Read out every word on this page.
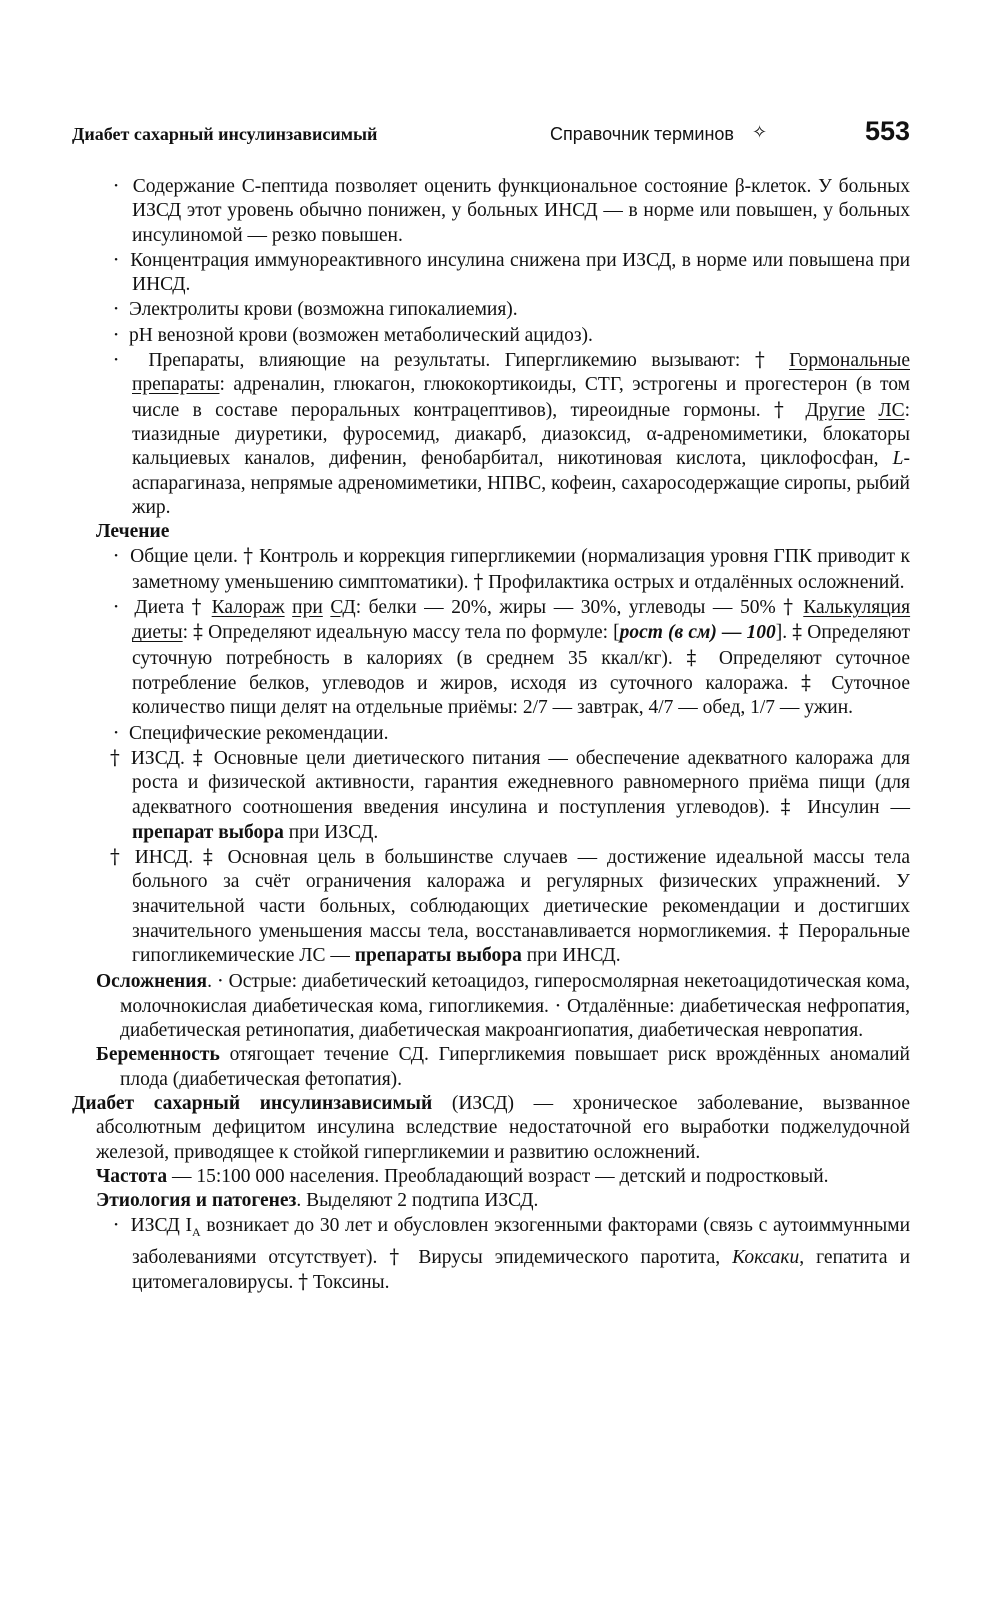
Диабет сахарный инсулинзависимый	Справочник терминов ✧	553

· Содержание С-пептида позволяет оценить функциональное состояние β-клеток. У больных ИЗСД этот уровень обычно понижен, у больных ИНСД — в норме или повышен, у больных инсулиномой — резко повышен.

· Концентрация иммунореактивного инсулина снижена при ИЗСД, в норме или повышена при ИНСД.

· Электролиты крови (возможна гипокалиемия).

· pH венозной крови (возможен метаболический ацидоз).

· Препараты, влияющие на результаты. Гипергликемию вызывают: † Гормональные препараты: адреналин, глюкагон, глюкокортикоиды, СТГ, эстрогены и прогестерон (в том числе в составе пероральных контрацептивов), тиреоидные гормоны. † Другие ЛС: тиазидные диуретики, фуросемид, диакарб, диазоксид, α-адреномиметики, блокаторы кальциевых каналов, дифенин, фенобарбитал, никотиновая кислота, циклофосфан, L-аспарагиназа, непрямые адреномиметики, НПВС, кофеин, сахаросодержащие сиропы, рыбий жир.

Лечение

· Общие цели. † Контроль и коррекция гипергликемии (нормализация уровня ГПК приводит к заметному уменьшению симптоматики). † Профилактика острых и отдалённых осложнений.

· Диета † Калораж при СД: белки — 20%, жиры — 30%, углеводы — 50% † Калькуляция диеты: ‡ Определяют идеальную массу тела по формуле: [рост (в см) — 100]. ‡ Определяют суточную потребность в калориях (в среднем 35 ккал/кг). ‡ Определяют суточное потребление белков, углеводов и жиров, исходя из суточного калоража. ‡ Суточное количество пищи делят на отдельные приёмы: 2/7 — завтрак, 4/7 — обед, 1/7 — ужин.

· Специфические рекомендации.

† ИЗСД. ‡ Основные цели диетического питания — обеспечение адекватного калоража для роста и физической активности, гарантия ежедневного равномерного приёма пищи (для адекватного соотношения введения инсулина и поступления углеводов). ‡ Инсулин — препарат выбора при ИЗСД.

† ИНСД. ‡ Основная цель в большинстве случаев — достижение идеальной массы тела больного за счёт ограничения калоража и регулярных физических упражнений. У значительной части больных, соблюдающих диетические рекомендации и достигших значительного уменьшения массы тела, восстанавливается нормогликемия. ‡ Пероральные гипогликемические ЛС — препараты выбора при ИНСД.

Осложнения. · Острые: диабетический кетоацидоз, гиперосмолярная некетоацидотическая кома, молочнокислая диабетическая кома, гипогликемия. · Отдалённые: диабетическая нефропатия, диабетическая ретинопатия, диабетическая макроангиопатия, диабетическая невропатия.

Беременность отягощает течение СД. Гипергликемия повышает риск врождённых аномалий плода (диабетическая фетопатия).

Диабет сахарный инсулинзависимый (ИЗСД) — хроническое заболевание, вызванное абсолютным дефицитом инсулина вследствие недостаточной его выработки поджелудочной железой, приводящее к стойкой гипергликемии и развитию осложнений.

Частота — 15:100 000 населения. Преобладающий возраст — детский и подростковый.

Этиология и патогенез. Выделяют 2 подтипа ИЗСД.

· ИЗСД $I_A$ возникает до 30 лет и обусловлен экзогенными факторами (связь с аутоиммунными заболеваниями отсутствует). † Вирусы эпидемического паротита, Коксаки, гепатита и цитомегаловирусы. † Токсины.
